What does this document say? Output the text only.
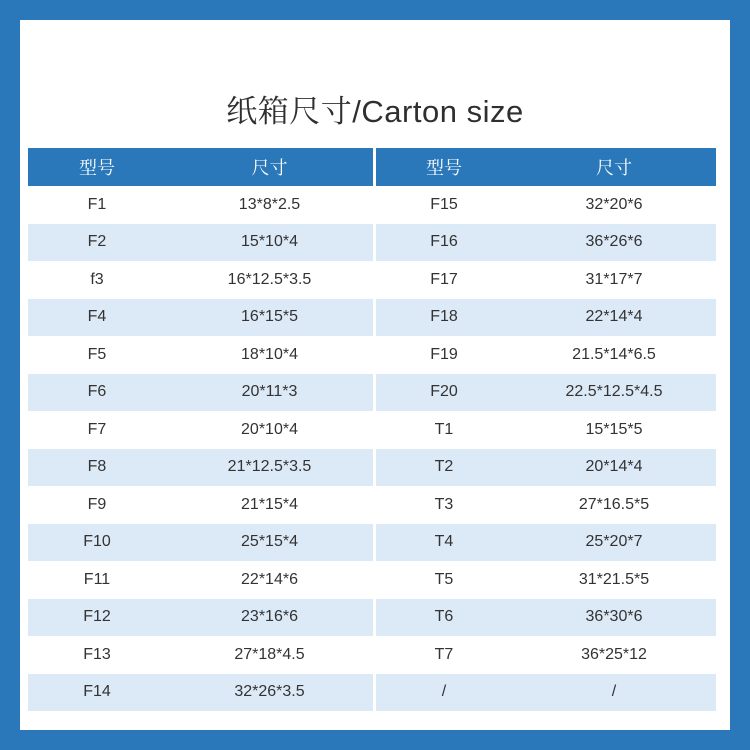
纸箱尺寸/Carton size
型号	尺寸
F1	13*8*2.5
F2	15*10*4
f3	16*12.5*3.5
F4	16*15*5
F5	18*10*4
F6	20*11*3
F7	20*10*4
F8	21*12.5*3.5
F9	21*15*4
F10	25*15*4
F11	22*14*6
F12	23*16*6
F13	27*18*4.5
F14	32*26*3.5
型号	尺寸
F15	32*20*6
F16	36*26*6
F17	31*17*7
F18	22*14*4
F19	21.5*14*6.5
F20	22.5*12.5*4.5
T1	15*15*5
T2	20*14*4
T3	27*16.5*5
T4	25*20*7
T5	31*21.5*5
T6	36*30*6
T7	36*25*12
/	/
